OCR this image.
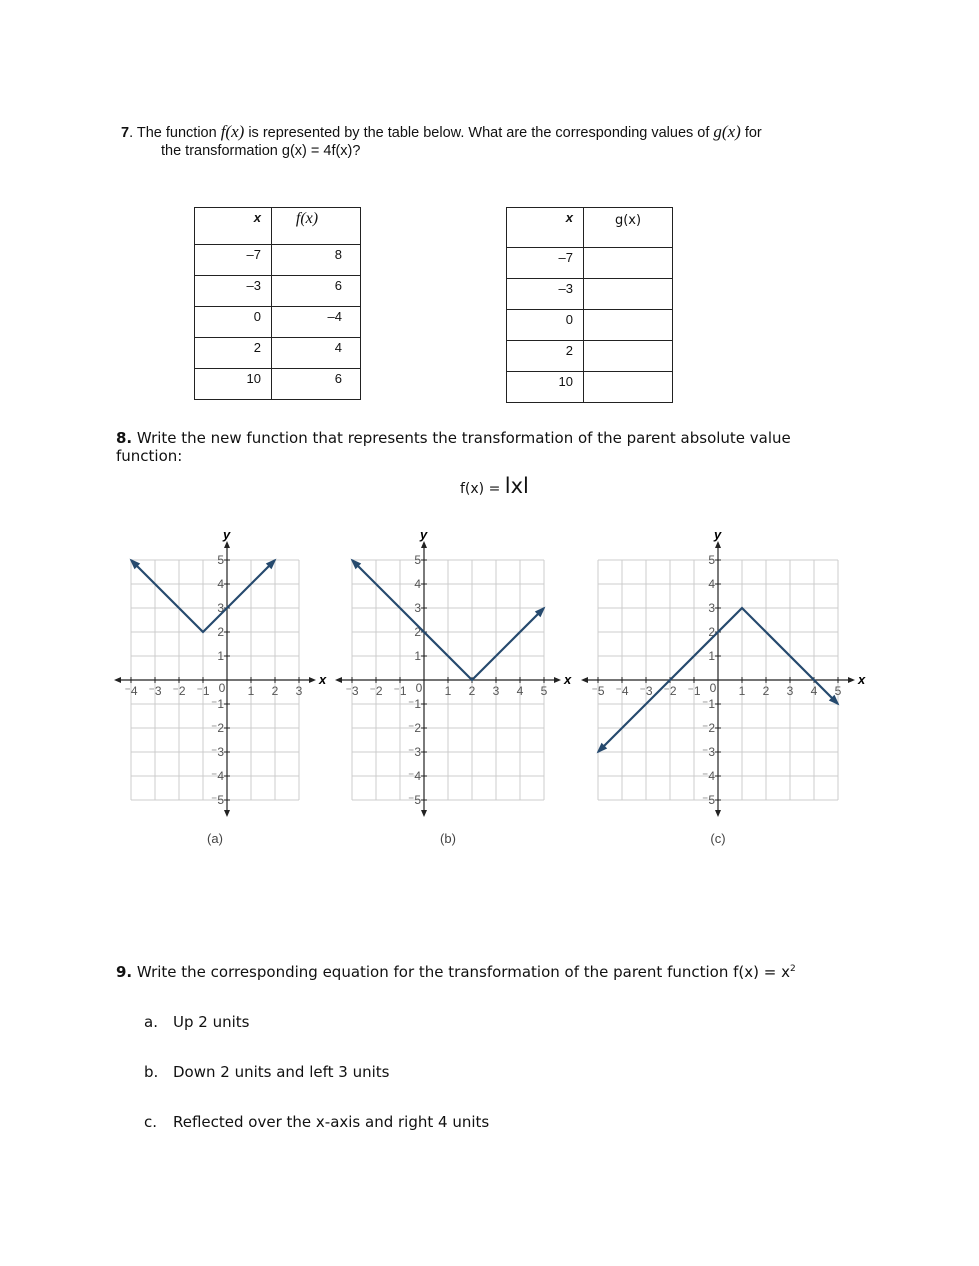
7. The function f(x) is represented by the table below. What are the corresponding values of g(x) for
the transformation g(x) = 4f(x)?
x	f(x)
–7	8
–3	6
0	–4
2	4
10	6
x	g(x)
–7	
–3	
0	
2	
10	
8. Write the new function that represents the transformation of the parent absolute value function:
f(x) = lxl
y
x
⁻4 ⁻3 ⁻2 ⁻1	1 2 3
0
⁻5
⁻4
⁻3
⁻2
⁻1
1
2
3
4
5
(a)
y
x
⁻3 ⁻2 ⁻1	1 2 3 4 5
0
⁻5
⁻4
⁻3
⁻2
⁻1
1
2
3
4
5
(b)
y
x
⁻5 ⁻4 ⁻3 ⁻2 ⁻1	1 2 3 4 5
0
⁻5
⁻4
⁻3
⁻2
⁻1
1
2
3
4
5
(c)
9. Write the corresponding equation for the transformation of the parent function $f(x) = x^2$
a. Up 2 units
b. Down 2 units and left 3 units
c. Reflected over the x-axis and right 4 units
